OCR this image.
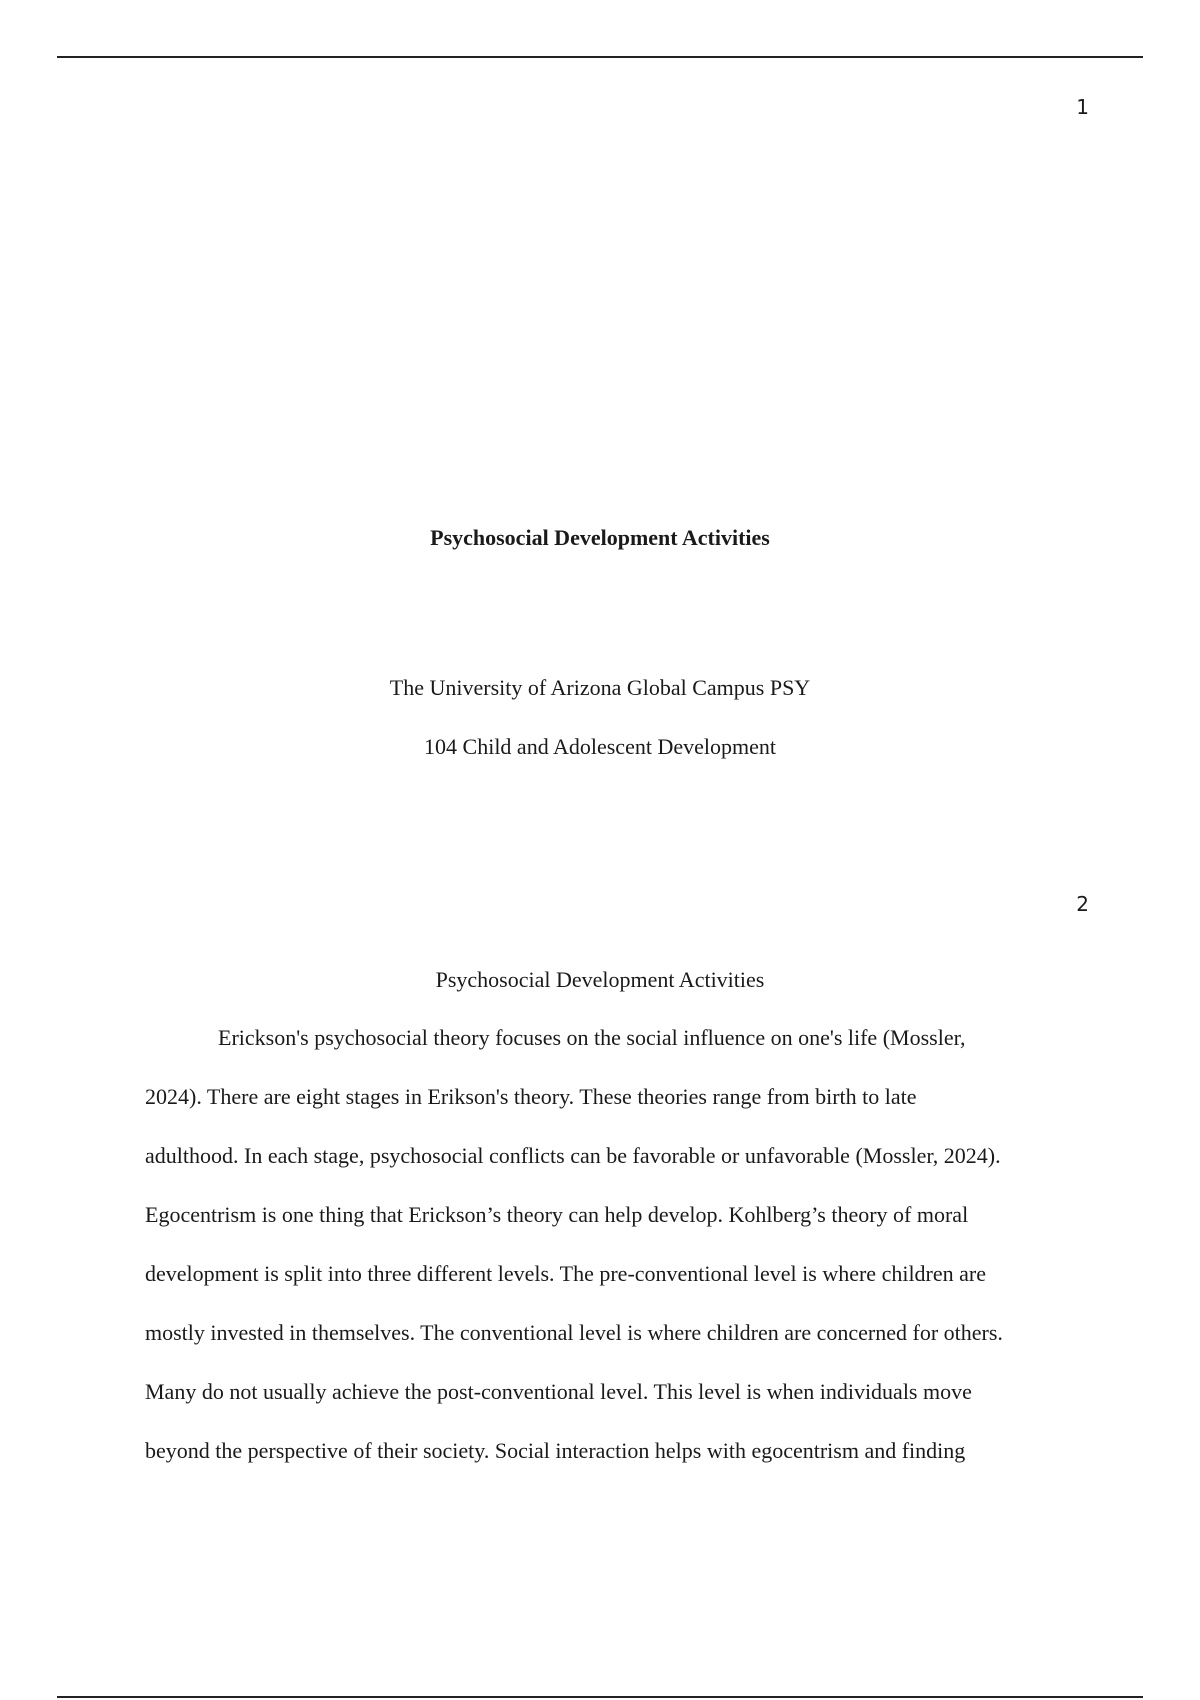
1
Psychosocial Development Activities

The University of Arizona Global Campus PSY

104 Child and Adolescent Development

2
Psychosocial Development Activities
Erickson's psychosocial theory focuses on the social influence on one's life (Mossler,
2024). There are eight stages in Erikson's theory. These theories range from birth to late
adulthood. In each stage, psychosocial conflicts can be favorable or unfavorable (Mossler, 2024).
Egocentrism is one thing that Erickson’s theory can help develop. Kohlberg’s theory of moral
development is split into three different levels. The pre-conventional level is where children are
mostly invested in themselves. The conventional level is where children are concerned for others.
Many do not usually achieve the post-conventional level. This level is when individuals move
beyond the perspective of their society. Social interaction helps with egocentrism and finding
